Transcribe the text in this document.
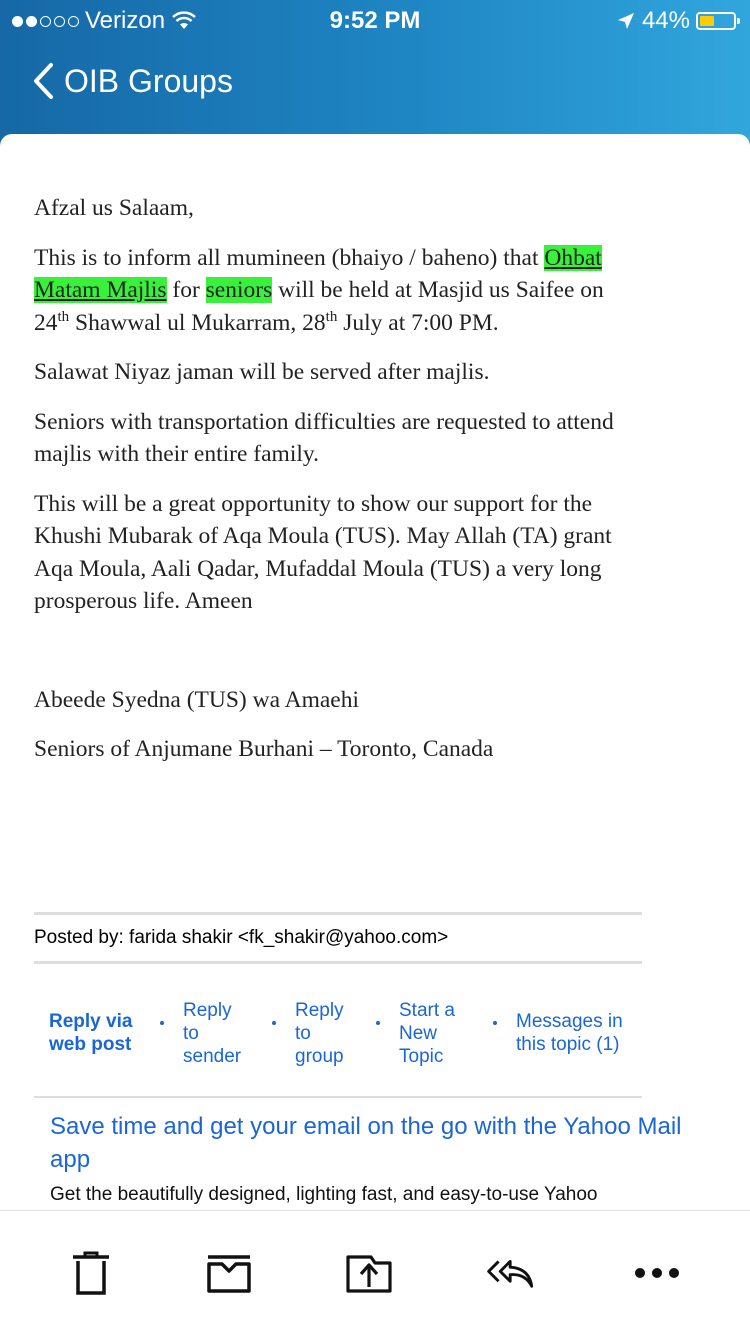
Verizon	9:52 PM	44%
OIB Groups

Afzal us Salaam,

This is to inform all mumineen (bhaiyo / baheno) that Ohbat Matam Majlis for seniors will be held at Masjid us Saifee on 24th Shawwal ul Mukarram, 28th July at 7:00 PM.

Salawat Niyaz jaman will be served after majlis.

Seniors with transportation difficulties are requested to attend majlis with their entire family.

This will be a great opportunity to show our support for the Khushi Mubarak of Aqa Moula (TUS). May Allah (TA) grant Aqa Moula, Aali Qadar, Mufaddal Moula (TUS) a very long prosperous life. Ameen

Abeede Syedna (TUS) wa Amaehi

Seniors of Anjumane Burhani – Toronto, Canada

Posted by: farida shakir <fk_shakir@yahoo.com>
Reply via
web post
Reply
to
sender
Reply
to
group
Start a
New
Topic
Messages in
this topic (1)
Save time and get your email on the go with the Yahoo Mail app
Get the beautifully designed, lighting fast, and easy-to-use Yahoo
